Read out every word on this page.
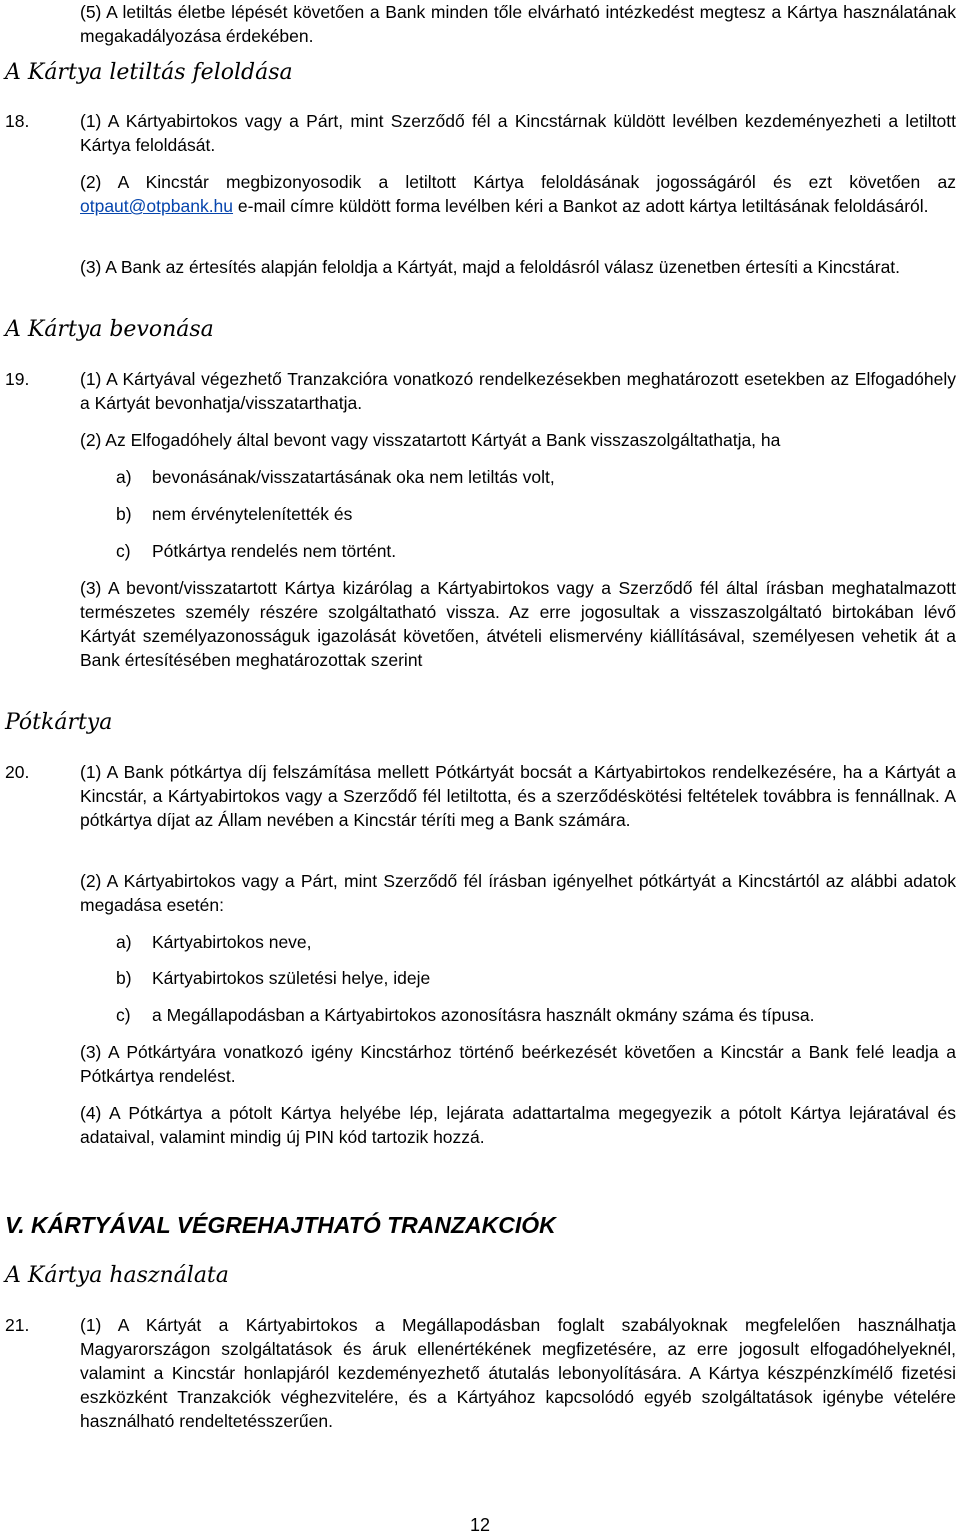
(5) A letiltás életbe lépését követően a Bank minden tőle elvárható intézkedést megtesz a Kártya használatának megakadályozása érdekében.

A Kártya letiltás feloldása
18.	(1) A Kártyabirtokos vagy a Párt, mint Szerződő fél a Kincstárnak küldött levélben kezdeményezheti a letiltott Kártya feloldását.

(2) A Kincstár megbizonyosodik a letiltott Kártya feloldásának jogosságáról és ezt követően az otpaut@otpbank.hu e-mail címre küldött forma levélben kéri a Bankot az adott kártya letiltásának feloldásáról.

(3) A Bank az értesítés alapján feloldja a Kártyát, majd a feloldásról válasz üzenetben értesíti a Kincstárat.

A Kártya bevonása
19.	(1) A Kártyával végezhető Tranzakcióra vonatkozó rendelkezésekben meghatározott esetekben az Elfogadóhely a Kártyát bevonhatja/visszatarthatja.

(2) Az Elfogadóhely által bevont vagy visszatartott Kártyát a Bank visszaszolgáltathatja, ha

a) bevonásának/visszatartásának oka nem letiltás volt,
b) nem érvénytelenítették és
c) Pótkártya rendelés nem történt.

(3) A bevont/visszatartott Kártya kizárólag a Kártyabirtokos vagy a Szerződő fél által írásban meghatalmazott természetes személy részére szolgáltatható vissza. Az erre jogosultak a visszaszolgáltató birtokában lévő Kártyát személyazonosságuk igazolását követően, átvételi elismervény kiállításával, személyesen vehetik át a Bank értesítésében meghatározottak szerint

Pótkártya
20.	(1) A Bank pótkártya díj felszámítása mellett Pótkártyát bocsát a Kártyabirtokos rendelkezésére, ha a Kártyát a Kincstár, a Kártyabirtokos vagy a Szerződő fél letiltotta, és a szerződéskötési feltételek továbbra is fennállnak. A pótkártya díjat az Állam nevében a Kincstár téríti meg a Bank számára.

(2) A Kártyabirtokos vagy a Párt, mint Szerződő fél írásban igényelhet pótkártyát a Kincstártól az alábbi adatok megadása esetén:

a) Kártyabirtokos neve,
b) Kártyabirtokos születési helye, ideje
c) a Megállapodásban a Kártyabirtokos azonosításra használt okmány száma és típusa.

(3) A Pótkártyára vonatkozó igény Kincstárhoz történő beérkezését követően a Kincstár a Bank felé leadja a Pótkártya rendelést.

(4) A Pótkártya a pótolt Kártya helyébe lép, lejárata adattartalma megegyezik a pótolt Kártya lejáratával és adataival, valamint mindig új PIN kód tartozik hozzá.

V. KÁRTYÁVAL VÉGREHAJTHATÓ TRANZAKCIÓK
A Kártya használata
21.	(1) A Kártyát a Kártyabirtokos a Megállapodásban foglalt szabályoknak megfelelően használhatja Magyarországon szolgáltatások és áruk ellenértékének megfizetésére, az erre jogosult elfogadóhelyeknél, valamint a Kincstár honlapjáról kezdeményezhető átutalás lebonyolítására. A Kártya készpénzkímélő fizetési eszközként Tranzakciók véghezvitelére, és a Kártyához kapcsolódó egyéb szolgáltatások igénybe vételére használható rendeltetésszerűen.

12
